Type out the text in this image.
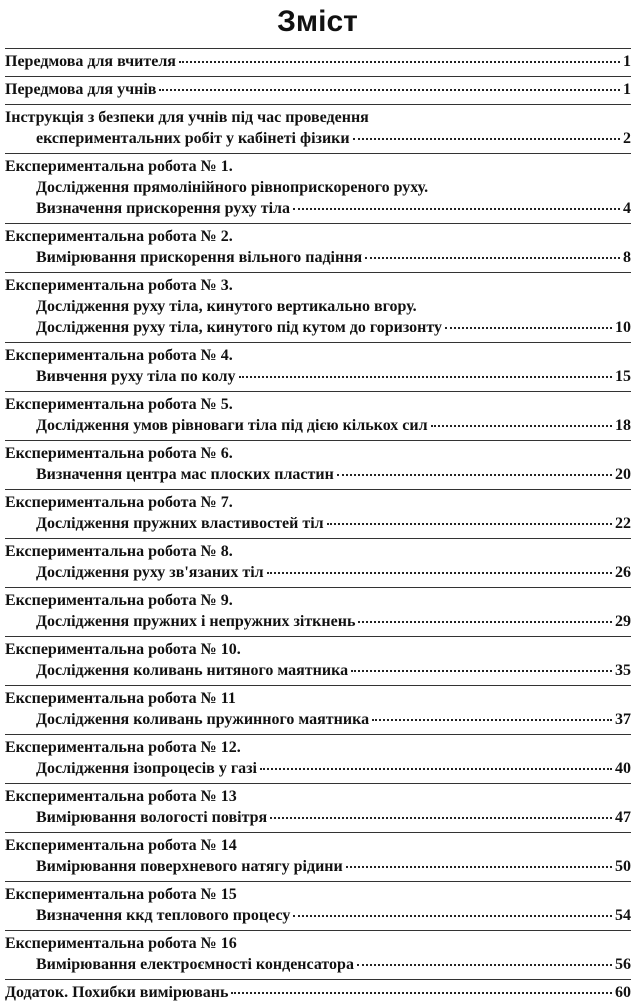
Зміст
Передмова для вчителя	1
Передмова для учнів	1
Інструкція з безпеки для учнів під час проведення
експериментальних робіт у кабінеті фізики	2
Експериментальна робота № 1.
Дослідження прямолінійного рівноприскореного руху.
Визначення прискорення руху тіла	4
Експериментальна робота № 2.
Вимірювання прискорення вільного падіння	8
Експериментальна робота № 3.
Дослідження руху тіла, кинутого вертикально вгору.
Дослідження руху тіла, кинутого під кутом до горизонту	10
Експериментальна робота № 4.
Вивчення руху тіла по колу	15
Експериментальна робота № 5.
Дослідження умов рівноваги тіла під дією кількох сил	18
Експериментальна робота № 6.
Визначення центра мас плоских пластин	20
Експериментальна робота № 7.
Дослідження пружних властивостей тіл	22
Експериментальна робота № 8.
Дослідження руху зв'язаних тіл	26
Експериментальна робота № 9.
Дослідження пружних і непружних зіткнень	29
Експериментальна робота № 10.
Дослідження коливань нитяного маятника	35
Експериментальна робота № 11
Дослідження коливань пружинного маятника	37
Експериментальна робота № 12.
Дослідження ізопроцесів у газі	40
Експериментальна робота № 13
Вимірювання вологості повітря	47
Експериментальна робота № 14
Вимірювання поверхневого натягу рідини	50
Експериментальна робота № 15
Визначення ккд теплового процесу	54
Експериментальна робота № 16
Вимірювання електроємності конденсатора	56
Додаток. Похибки вимірювань	60
